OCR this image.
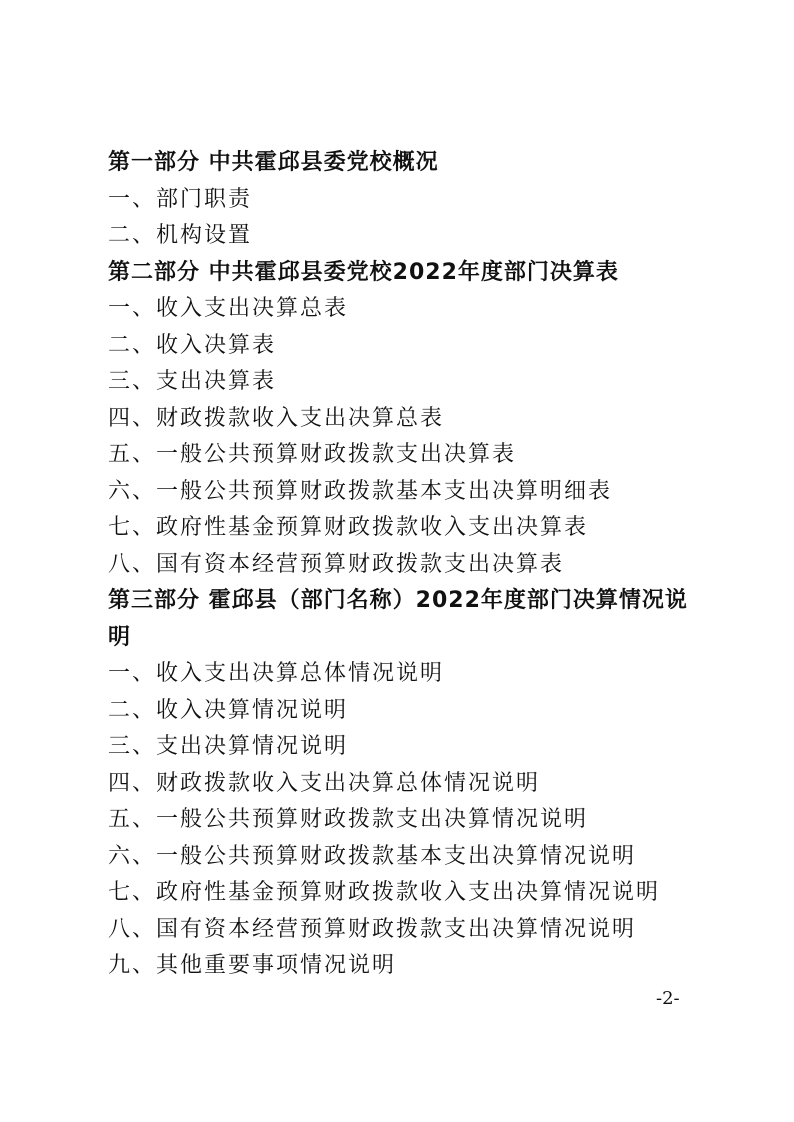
第一部分 中共霍邱县委党校概况

一、部门职责

二、机构设置

第二部分 中共霍邱县委党校2022年度部门决算表

一、收入支出决算总表

二、收入决算表

三、支出决算表

四、财政拨款收入支出决算总表

五、一般公共预算财政拨款支出决算表

六、一般公共预算财政拨款基本支出决算明细表

七、政府性基金预算财政拨款收入支出决算表

八、国有资本经营预算财政拨款支出决算表

第三部分 霍邱县（部门名称）2022年度部门决算情况说明

一、收入支出决算总体情况说明

二、收入决算情况说明

三、支出决算情况说明

四、财政拨款收入支出决算总体情况说明

五、一般公共预算财政拨款支出决算情况说明

六、一般公共预算财政拨款基本支出决算情况说明

七、政府性基金预算财政拨款收入支出决算情况说明

八、国有资本经营预算财政拨款支出决算情况说明

九、其他重要事项情况说明

-2-
